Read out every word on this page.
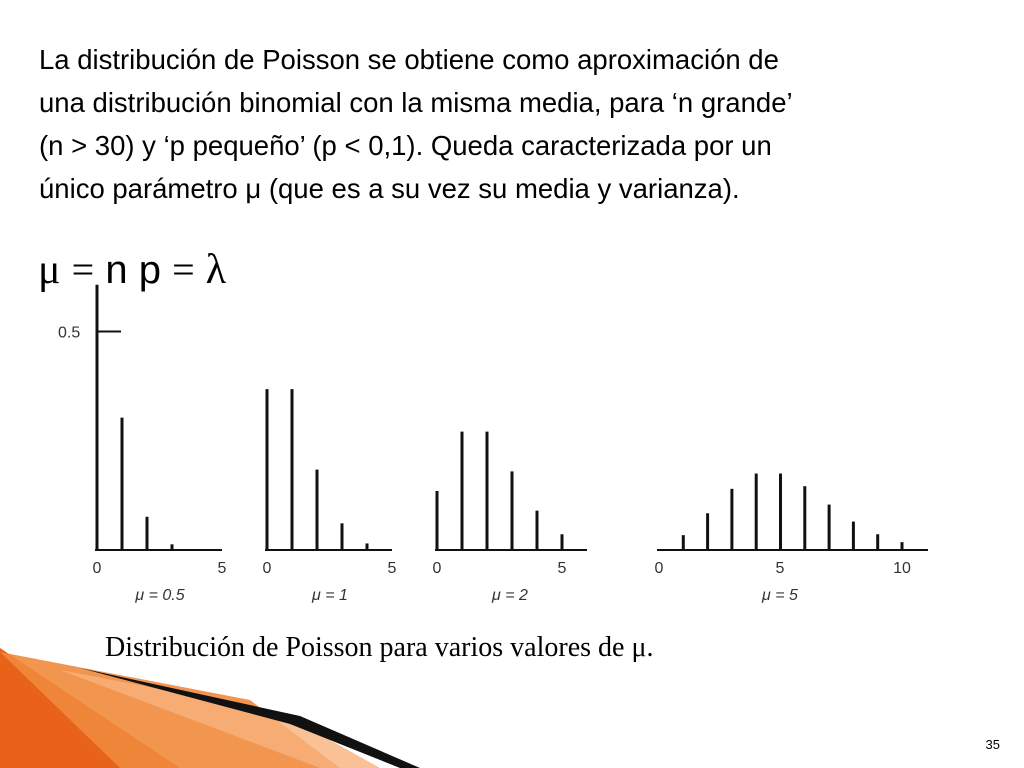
La distribución de Poisson se obtiene como aproximación de
una distribución binomial con la misma media, para ‘n grande’
(n > 30) y ‘p pequeño’ (p < 0,1). Queda caracterizada por un
único parámetro μ (que es a su vez su media y varianza).
μ = n p = λ
0	5
μ = 0.5
0.5
0	5
μ = 1
0	5
μ = 2
0	5	10
μ = 5
Distribución de Poisson para varios valores de μ.
35
